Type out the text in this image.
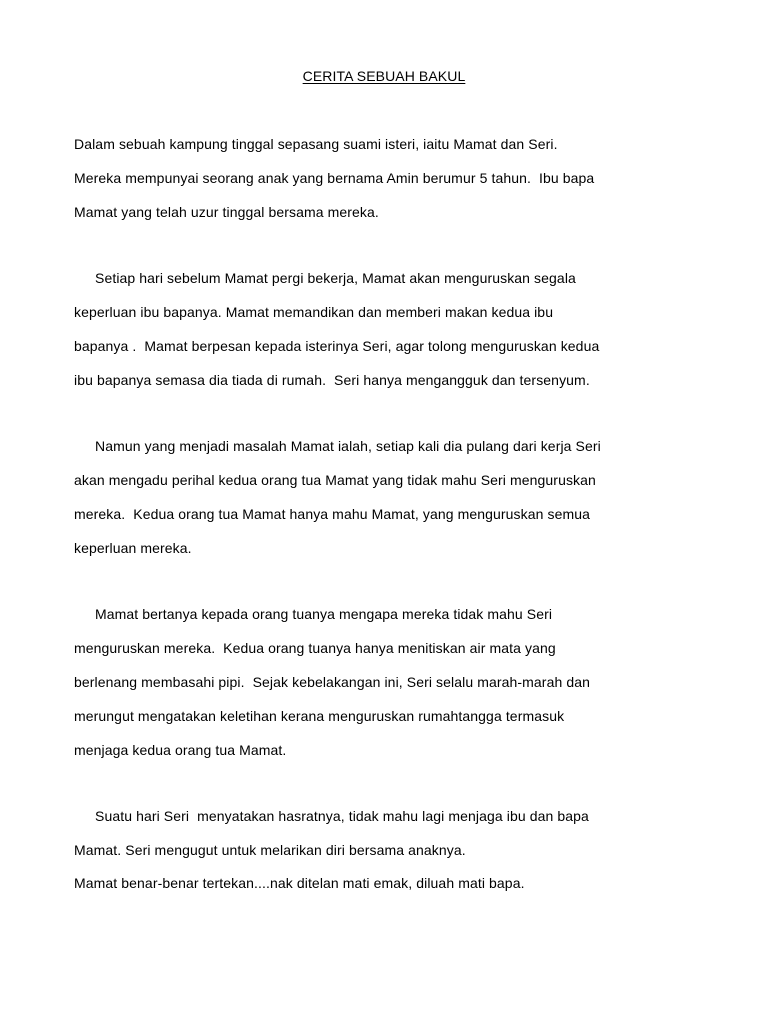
CERITA SEBUAH BAKUL
Dalam sebuah kampung tinggal sepasang suami isteri, iaitu Mamat dan Seri.
Mereka mempunyai seorang anak yang bernama Amin berumur 5 tahun.  Ibu bapa
Mamat yang telah uzur tinggal bersama mereka.
Setiap hari sebelum Mamat pergi bekerja, Mamat akan menguruskan segala
keperluan ibu bapanya. Mamat memandikan dan memberi makan kedua ibu
bapanya .  Mamat berpesan kepada isterinya Seri, agar tolong menguruskan kedua
ibu bapanya semasa dia tiada di rumah.  Seri hanya mengangguk dan tersenyum.
Namun yang menjadi masalah Mamat ialah, setiap kali dia pulang dari kerja Seri
akan mengadu perihal kedua orang tua Mamat yang tidak mahu Seri menguruskan
mereka.  Kedua orang tua Mamat hanya mahu Mamat, yang menguruskan semua
keperluan mereka.
Mamat bertanya kepada orang tuanya mengapa mereka tidak mahu Seri
menguruskan mereka.  Kedua orang tuanya hanya menitiskan air mata yang
berlenang membasahi pipi.  Sejak kebelakangan ini, Seri selalu marah-marah dan
merungut mengatakan keletihan kerana menguruskan rumahtangga termasuk
menjaga kedua orang tua Mamat.
Suatu hari Seri  menyatakan hasratnya, tidak mahu lagi menjaga ibu dan bapa
Mamat. Seri mengugut untuk melarikan diri bersama anaknya.
Mamat benar-benar tertekan....nak ditelan mati emak, diluah mati bapa.
